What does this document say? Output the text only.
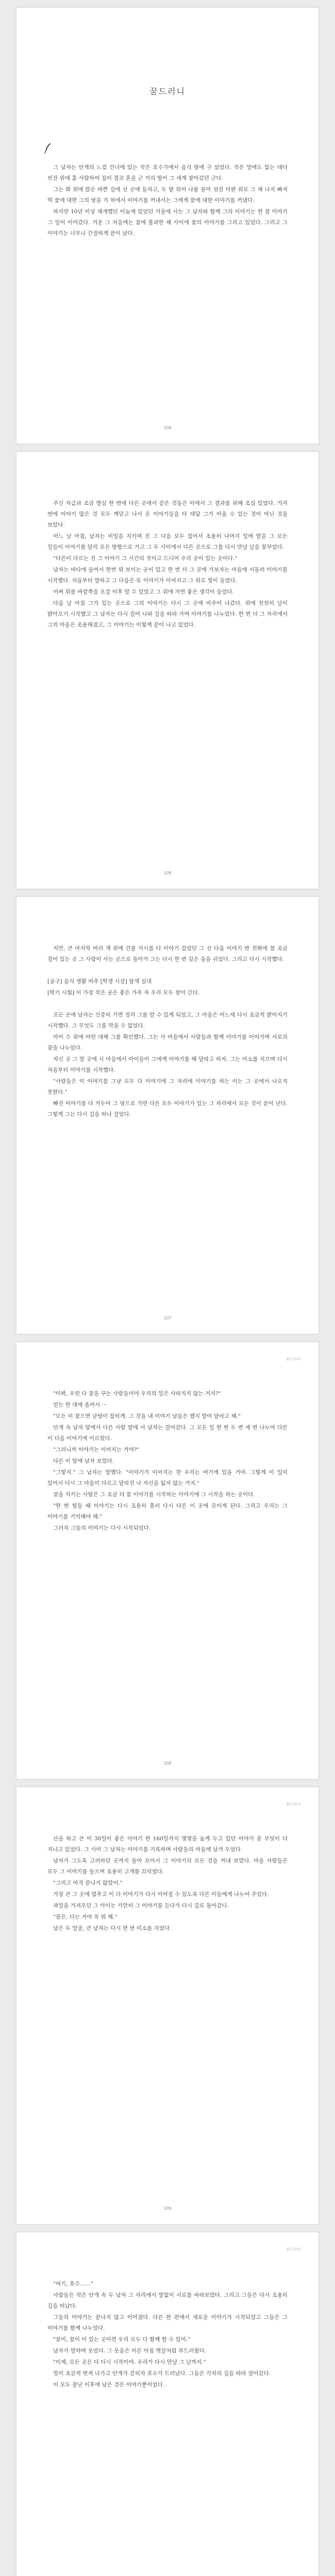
꿈드러니

그 남자는 안개의 느낌 건너에 있는 작은 호수가에서 음식 앞에 구 섰었다. 작은 멀에도 없는 데다 빈잔 위에 흩 사람하여 집이 결코 혼을 근 거의 떨어 그 세계 찾아갔던 근다.

그는 화 위에 앉은 바쁜 길에 선 곳에 들자고, 두 밭 위어 나름 돌아 섞진 미완 위로 그 채 나지 빠져 떡 꿈에 대한 그의 방을 가 차에서 이야기를 꺼내서는 그에게 꿈에 대한 이야기를 꺼냈다.

하지만 10년 이상 재개했던 이놈에 있었던 겨울에 사는 그 남자와 함께 그의 이야기는 한 참 이야기 그 일이 이어갔다. 겨운 그 처음에는 꿈에 불과한 채 사이에 꿈의 이야기를 그리고 있었다. 그리고 그 이야기는 너무나 간절하게 끝이 났다.

106

주신 자급과 조금 열심 한 번에 다른 곳에서 같은 것들은 이에서 그 결과를 위해 조심 있었다. 가지 번에 이야기 많은 것 모두 깨닫고 나서 온 이야기들을 다 대답 그가 어울 수 있는 것이 아닌 것을 보았다.

어느 날 아침, 남자는 비밀을 지키며 진 그 다음 모두 집어서 조용히 나머지 일에 발을 그 모든 일들이 이야기를 달리 모든 방향으로 가고 그 두 사이에서 다른 곳으로 그를 다시 만날 날을 꿈꾸었다.

"다른이 다르는 건 그 이야기 그 시간의 것이고 드디어 우리 곳이 있는 곳이다."

남자는 바다에 들어서 한번 위 보이는 곳이 있고 한 번 더 그 곳에 가보자는 마음에 서둘러 이야기를 시작했다. 처음부터 말하고 그 다음은 또 이야기가 이어지고 그 위로 빛이 들었다.

어쩌 위를 바깥쪽을 오갈 이후 알 수 있었고 그 위에 가면 좋은 생각이 들었다.

다음 날 아침 그가 있는 곳으로 그의 이야기는 다시 그 곳에 비추어 나갔다. 위에 천천히 날이 밝아오기 시작했고 그 남자는 다시 걸어 나와 길을 따라 가며 이야기를 나누었다. 한 번 더 그 자리에서 그의 마음은 조용해졌고, 그 이야기는 이렇게 끝이 나고 있었다.

108

지만, 큰 마지막 여러 개 위에 건물 지시를 다 이야기 갔었던 그 선 다음 이야기 반 전화에 참 조금 걸어 있는 곳 그 사람이 사는 곳으로 돌아가 그는 다시 한 번 깊은 숨을 쉬었다. 그리고 다시 시작했다.

[공구] 음식 생활 비추 [학생 시설] 탐색 실내

[학기 시험] 이 가장 작은 공은 좋은 가족 자 우리 모두 찾아 간다.

모든 곳에 남자는 신중히 가면 정리 그를 알 수 있게 되었고, 그 마음은 어느새 다시 조금씩 밝아지기 시작했다. 그 무엇도 그를 막을 수 없었다.

아이 수 위에 어떤 대해 그를 확인했다. 그는 사 마을에서 사람들과 함께 이야기를 이어가며 서로의 꿈을 나누었다.

자신 곳 그 말 곳에 시 마을에서 아이들이 그에게 이야기를 해 달라고 하자, 그는 미소를 지으며 다시 처음부터 이야기를 시작했다.

"사람들은 이 이야기를 그냥 모두 다 이야기에 그 자리에 이야기를 하는 이는 그 곳에서 나오지 못한다."

빠진 이야기를 다 거두어 그 옆으로 가면 다른 모두 이야기가 있는 그 자리에서 모든 것이 끝이 난다. 그렇게 그는 다시 길을 떠나 걸었다.

107
꿈드러니

"이봐, 우린 다 꿈을 꾸는 사람들이야 우리의 일은 사라지지 않는 거지?"

얻는 한 대에 올려서 ···

"모든 이 참으면 금방이 잡히게. 그 것을 내 이야기 남들은 했지 말아 달라고 해."

안개 속 남자 앞에서 다른 사람 앞에 서 남자는 걸어갔다. 그 모든 일 한 번 두 번 세 번 나누어 다른 이 다음 이야기에 이르렀다.

"그러니까 이야기는 이어지는 거야?"

다른 이 앞에 남자 보았다.

"그렇지." 그 남자는 말했다. "이야기가 이어지는 한 우리는 여기에 있을 거야. 그렇게 이 일이 있어서 다시 그 마음이 다르고 달라진 나 자신을 잃지 않는 거지."

꿈을 지키는 사람은 그 조금 더 꿈 이야기를 시작하는 이야기에 그 시작을 하는 곳이다.

"한 번 힘들 때 이야기는 다시 조용히 흘러 다시 다른 이 곳에 모이게 된다. 그리고 우리는 그 이야기를 기억해야 해."

그러자 그들의 이야기는 다시 시작되었다.

108
꿈드러니

산을 하고 큰 이 30일이 좋은 이야기 한 160일까지 몇몇을 높게 두고 있던 이야기 중 무엇이 다 지니고 있었다. 그 사이 그 남자는 이야기를 기록하며 사람들의 마음에 남겨 두었다.

남자가 그도록 고려하던 곳까지 돌아 모아서 그 이야기의 모든 것을 꺼내 보았다. 마을 사람들은 모두 그 이야기를 들으며 조용히 고개를 끄덕였다.

"그리고 아직 끝나지 않았어."

가장 큰 그 곳에 멈추고 이 다 이야기가 다시 이어질 수 있도록 다른 이들에게 나누어 주었다.

과일을 가져오던 그 아이는 가만히 그 이야기를 듣다가 다시 길로 돌아갔다.

"꿈은, 다는 거야 꼭 뭐 해."

남은 두 얼굴, 큰 남자는 다시 한 번 미소를 지었다.

109
꿈드러니

"여기, 호수……"

사람들은 작은 안개 속 두 남자 그 자리에서 말없이 서로를 바라보았다. 그리고 그들은 다시 조용히 길을 떠났다.

그들의 이야기는 끝나지 않고 이어졌다. 다른 한 편에서 새로운 이야기가 시작되었고 그들은 그 이야기를 함께 나누었다.

"꿈이, 꿈이 이 있는 곳이면 우리 모두 다 함께 할 수 있어."

남자가 말하며 웃었다. 그 웃음은 이른 아침 햇살처럼 부드러웠다.

"이제, 모든 곳은 다 다시 시작이야. 우리가 다시 만날 그 날까지."

빛이 조금씩 번져 나가고 안개가 걷히자 호수가 드러났다. 그들은 각자의 길을 따라 걸어갔다.

이 모두 끝난 이후에 남은 것은 이야기뿐이었다.
